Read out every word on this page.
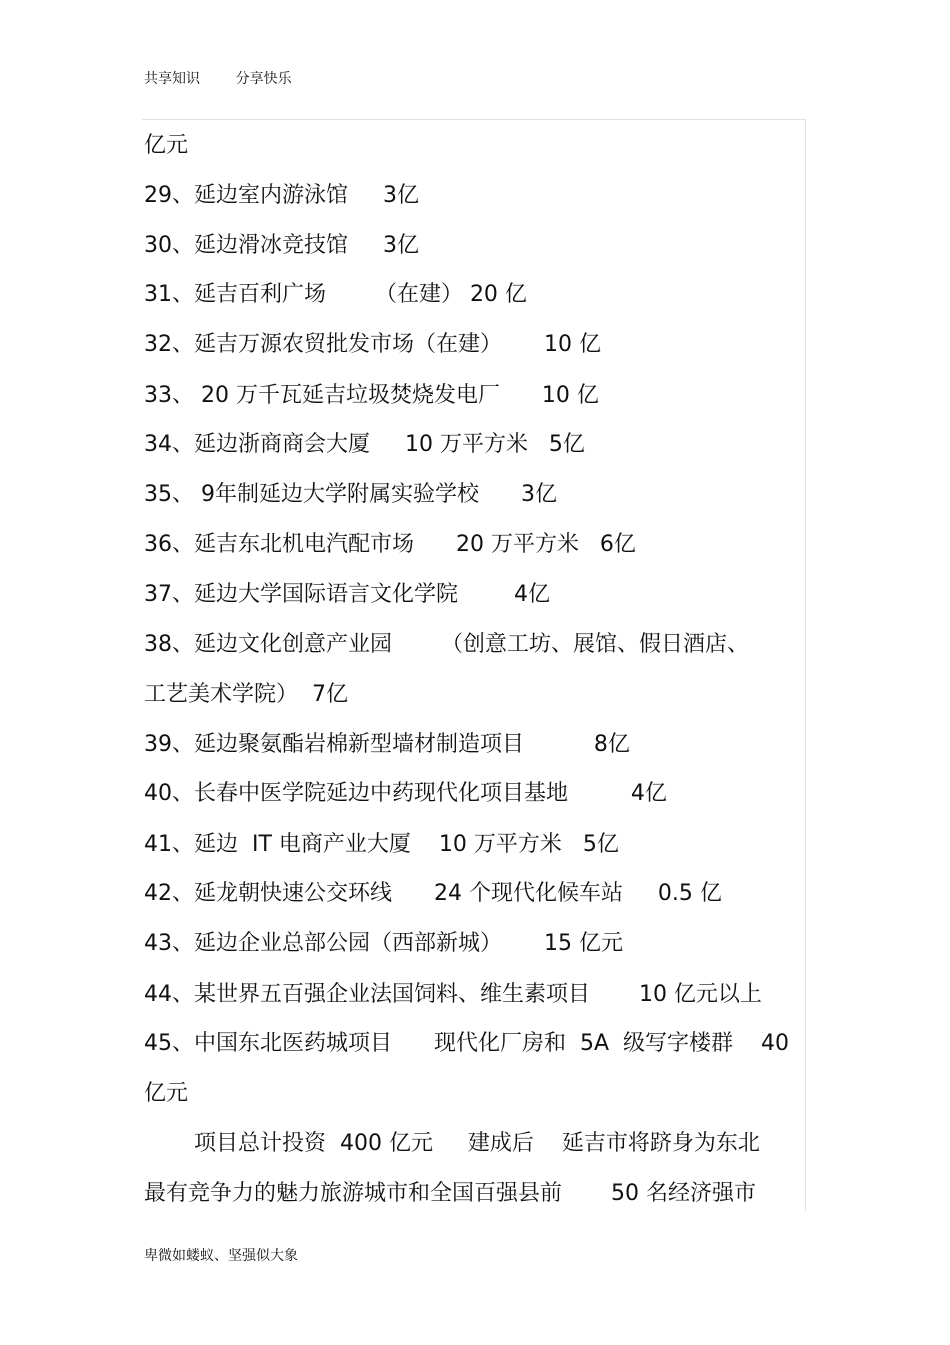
共享知识	分享快乐
亿元
29、延边室内游泳馆     3亿
30、延边滑冰竞技馆     3亿
31、延吉百利广场       （在建） 20 亿
32、延吉万源农贸批发市场（在建）      10 亿
33、 20 万千瓦延吉垃圾焚烧发电厂      10 亿
34、延边浙商商会大厦     10 万平方米   5亿
35、 9年制延边大学附属实验学校      3亿
36、延吉东北机电汽配市场      20 万平方米   6亿
37、延边大学国际语言文化学院        4亿
38、延边文化创意产业园       （创意工坊、展馆、假日酒店、
工艺美术学院）  7亿
39、延边聚氨酯岩棉新型墙材制造项目          8亿
40、长春中医学院延边中药现代化项目基地         4亿
41、延边  IT 电商产业大厦    10 万平方米   5亿
42、延龙朝快速公交环线      24 个现代化候车站     0.5 亿
43、延边企业总部公园（西部新城）      15 亿元
44、某世界五百强企业法国饲料、维生素项目       10 亿元以上
45、中国东北医药城项目      现代化厂房和  5A  级写字楼群    40
亿元
项目总计投资  400 亿元     建成后    延吉市将跻身为东北
最有竞争力的魅力旅游城市和全国百强县前       50 名经济强市
卑微如蝼蚁、坚强似大象
